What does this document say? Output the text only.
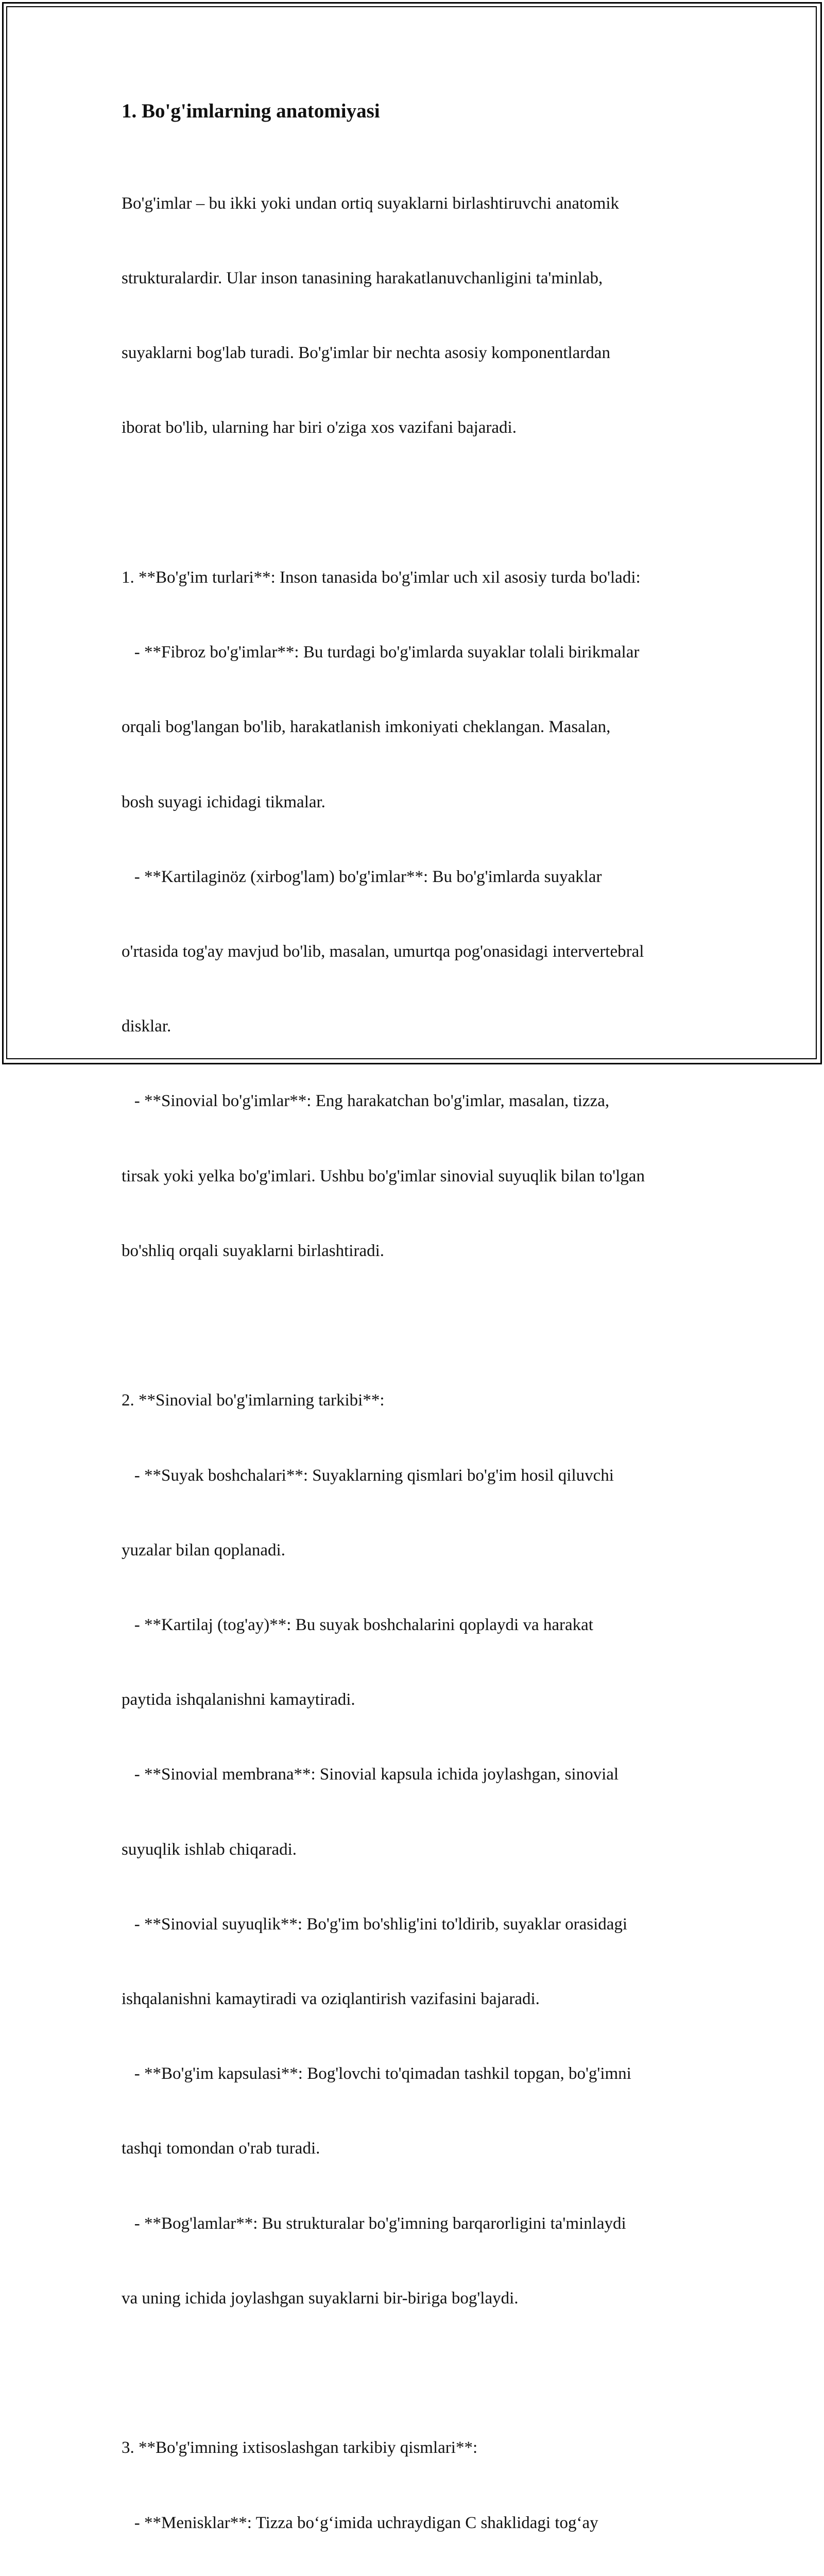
1. Bo'g'imlarning anatomiyasi

Bo'g'imlar – bu ikki yoki undan ortiq suyaklarni birlashtiruvchi anatomik

strukturalardir. Ular inson tanasining harakatlanuvchanligini ta'minlab,

suyaklarni bog'lab turadi. Bo'g'imlar bir nechta asosiy komponentlardan

iborat bo'lib, ularning har biri o'ziga xos vazifani bajaradi.

1. **Bo'g'im turlari**: Inson tanasida bo'g'imlar uch xil asosiy turda bo'ladi:

- **Fibroz bo'g'imlar**: Bu turdagi bo'g'imlarda suyaklar tolali birikmalar

orqali bog'langan bo'lib, harakatlanish imkoniyati cheklangan. Masalan,

bosh suyagi ichidagi tikmalar.

- **Kartilaginöz (xirbog'lam) bo'g'imlar**: Bu bo'g'imlarda suyaklar

o'rtasida tog'ay mavjud bo'lib, masalan, umurtqa pog'onasidagi intervertebral

disklar.

- **Sinovial bo'g'imlar**: Eng harakatchan bo'g'imlar, masalan, tizza,

tirsak yoki yelka bo'g'imlari. Ushbu bo'g'imlar sinovial suyuqlik bilan to'lgan

bo'shliq orqali suyaklarni birlashtiradi.

2. **Sinovial bo'g'imlarning tarkibi**:

- **Suyak boshchalari**: Suyaklarning qismlari bo'g'im hosil qiluvchi

yuzalar bilan qoplanadi.

- **Kartilaj (tog'ay)**: Bu suyak boshchalarini qoplaydi va harakat

paytida ishqalanishni kamaytiradi.

- **Sinovial membrana**: Sinovial kapsula ichida joylashgan, sinovial

suyuqlik ishlab chiqaradi.

- **Sinovial suyuqlik**: Bo'g'im bo'shlig'ini to'ldirib, suyaklar orasidagi

ishqalanishni kamaytiradi va oziqlantirish vazifasini bajaradi.

- **Bo'g'im kapsulasi**: Bog'lovchi to'qimadan tashkil topgan, bo'g'imni

tashqi tomondan o'rab turadi.

- **Bog'lamlar**: Bu strukturalar bo'g'imning barqarorligini ta'minlaydi

va uning ichida joylashgan suyaklarni bir-biriga bog'laydi.

3. **Bo'g'imning ixtisoslashgan tarkibiy qismlari**:

- **Menisklar**: Tizza bo‘g‘imida uchraydigan C shaklidagi tog‘ay
